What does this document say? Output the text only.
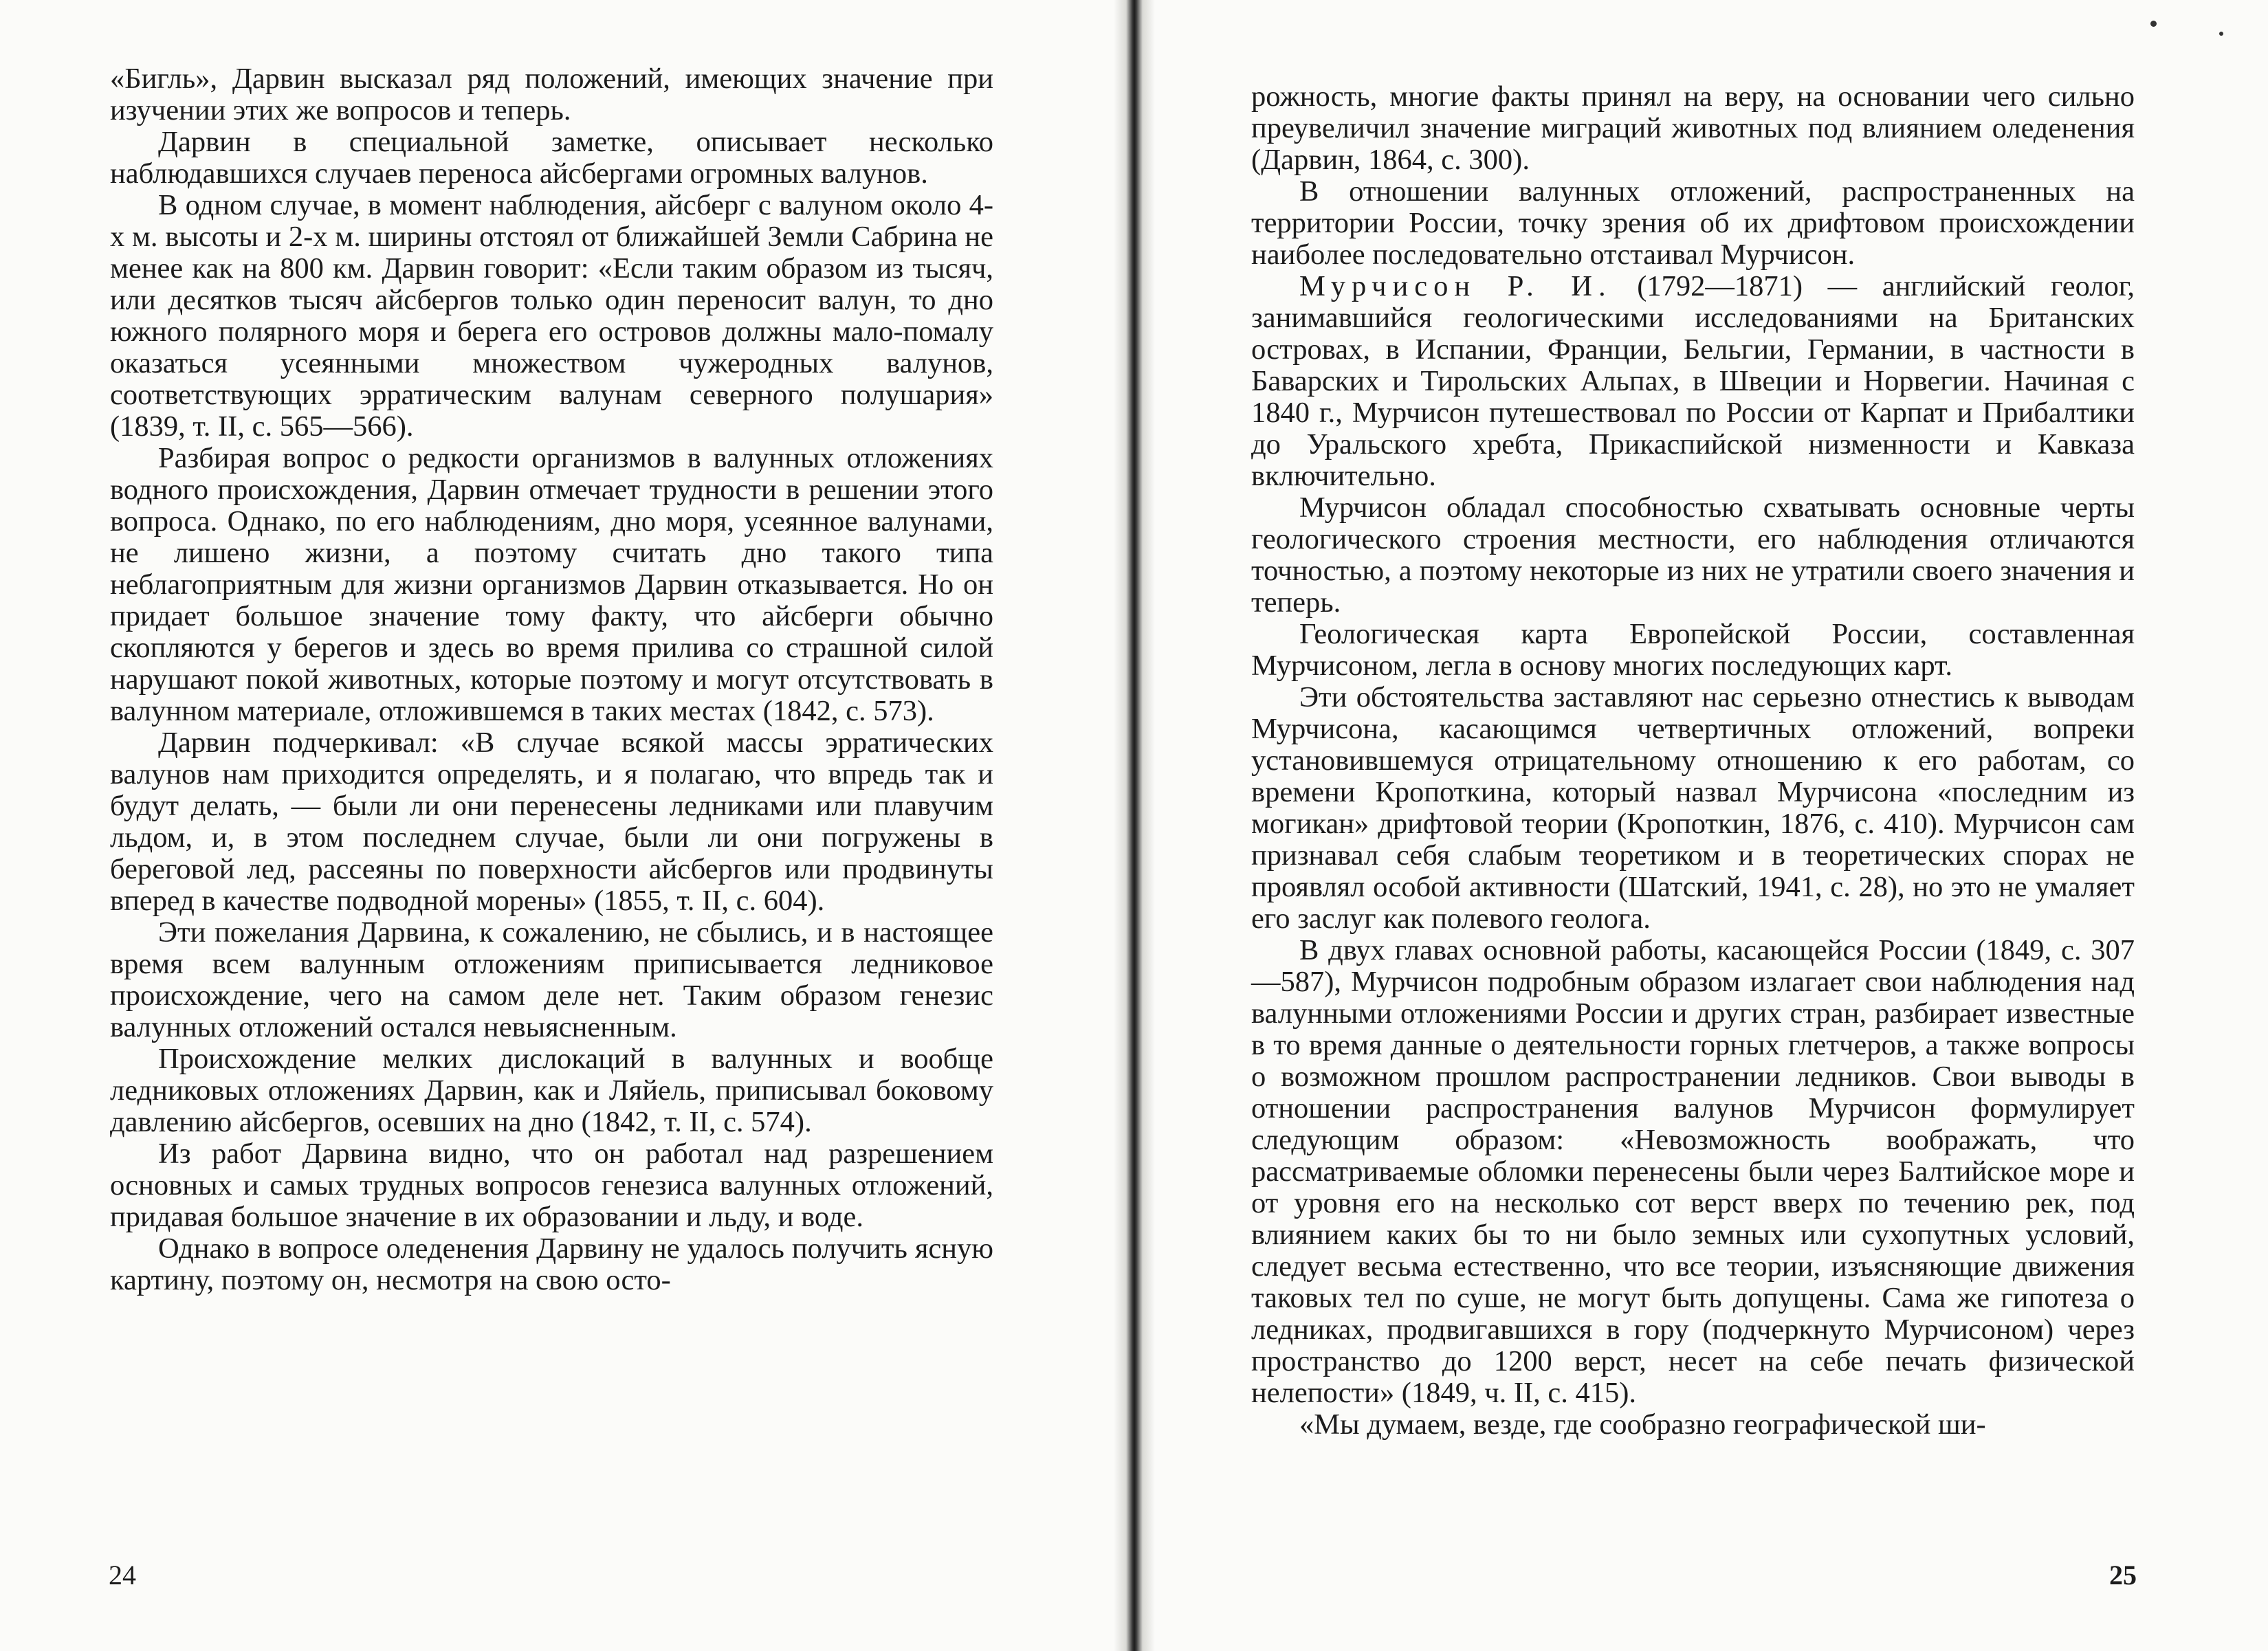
«Бигль», Дарвин высказал ряд положений, имеющих значение при изучении этих же вопросов и теперь.

Дарвин в специальной заметке, описывает несколько наблюдавшихся случаев переноса айсбергами огромных валунов.

В одном случае, в момент наблюдения, айсберг с валуном около 4-х м. высоты и 2-х м. ширины отстоял от ближайшей Земли Сабрина не менее как на 800 км. Дарвин говорит: «Если таким образом из тысяч, или десятков тысяч айсбергов только один переносит валун, то дно южного полярного моря и берега его островов должны мало-помалу оказаться усеянными множеством чужеродных валунов, соответствующих эрратическим валунам северного полушария» (1839, т. II, с. 565—566).

Разбирая вопрос о редкости организмов в валунных отложениях водного происхождения, Дарвин отмечает трудности в решении этого вопроса. Однако, по его наблюдениям, дно моря, усеянное валунами, не лишено жизни, а поэтому считать дно такого типа неблагоприятным для жизни организмов Дарвин отказывается. Но он придает большое значение тому факту, что айсберги обычно скопляются у берегов и здесь во время прилива со страшной силой нарушают покой животных, которые поэтому и могут отсутствовать в валунном материале, отложившемся в таких местах (1842, с. 573).

Дарвин подчеркивал: «В случае всякой массы эрратических валунов нам приходится определять, и я полагаю, что впредь так и будут делать, — были ли они перенесены ледниками или плавучим льдом, и, в этом последнем случае, были ли они погружены в береговой лед, рассеяны по поверхности айсбергов или продвинуты вперед в качестве подводной морены» (1855, т. II, с. 604).

Эти пожелания Дарвина, к сожалению, не сбылись, и в настоящее время всем валунным отложениям приписывается ледниковое происхождение, чего на самом деле нет. Таким образом генезис валунных отложений остался невыясненным.

Происхождение мелких дислокаций в валунных и вообще ледниковых отложениях Дарвин, как и Ляйель, приписывал боковому давлению айсбергов, осевших на дно (1842, т. II, с. 574).

Из работ Дарвина видно, что он работал над разрешением основных и самых трудных вопросов генезиса валунных отложений, придавая большое значение в их образовании и льду, и воде.

Однако в вопросе оледенения Дарвину не удалось получить ясную картину, поэтому он, несмотря на свою осто-

24

рожность, многие факты принял на веру, на основании чего сильно преувеличил значение миграций животных под влиянием оледенения (Дарвин, 1864, с. 300).

В отношении валунных отложений, распространенных на территории России, точку зрения об их дрифтовом происхождении наиболее последовательно отстаивал Мурчисон.

Мурчисон Р. И. (1792—1871) — английский геолог, занимавшийся геологическими исследованиями на Британских островах, в Испании, Франции, Бельгии, Германии, в частности в Баварских и Тирольских Альпах, в Швеции и Норвегии. Начиная с 1840 г., Мурчисон путешествовал по России от Карпат и Прибалтики до Уральского хребта, Прикаспийской низменности и Кавказа включительно.

Мурчисон обладал способностью схватывать основные черты геологического строения местности, его наблюдения отличаются точностью, а поэтому некоторые из них не утратили своего значения и теперь.

Геологическая карта Европейской России, составленная Мурчисоном, легла в основу многих последующих карт.

Эти обстоятельства заставляют нас серьезно отнестись к выводам Мурчисона, касающимся четвертичных отложений, вопреки установившемуся отрицательному отношению к его работам, со времени Кропоткина, который назвал Мурчисона «последним из могикан» дрифтовой теории (Кропоткин, 1876, с. 410). Мурчисон сам признавал себя слабым теоретиком и в теоретических спорах не проявлял особой активности (Шатский, 1941, с. 28), но это не умаляет его заслуг как полевого геолога.

В двух главах основной работы, касающейся России (1849, с. 307—587), Мурчисон подробным образом излагает свои наблюдения над валунными отложениями России и других стран, разбирает известные в то время данные о деятельности горных глетчеров, а также вопросы о возможном прошлом распространении ледников. Свои выводы в отношении распространения валунов Мурчисон формулирует следующим образом: «Невозможность воображать, что рассматриваемые обломки перенесены были через Балтийское море и от уровня его на несколько сот верст вверх по течению рек, под влиянием каких бы то ни было земных или сухопутных условий, следует весьма естественно, что все теории, изъясняющие движения таковых тел по суше, не могут быть допущены. Сама же гипотеза о ледниках, продвигавшихся в гору (подчеркнуто Мурчисоном) через пространство до 1200 верст, несет на себе печать физической нелепости» (1849, ч. II, с. 415).

«Мы думаем, везде, где сообразно географической ши-

25
